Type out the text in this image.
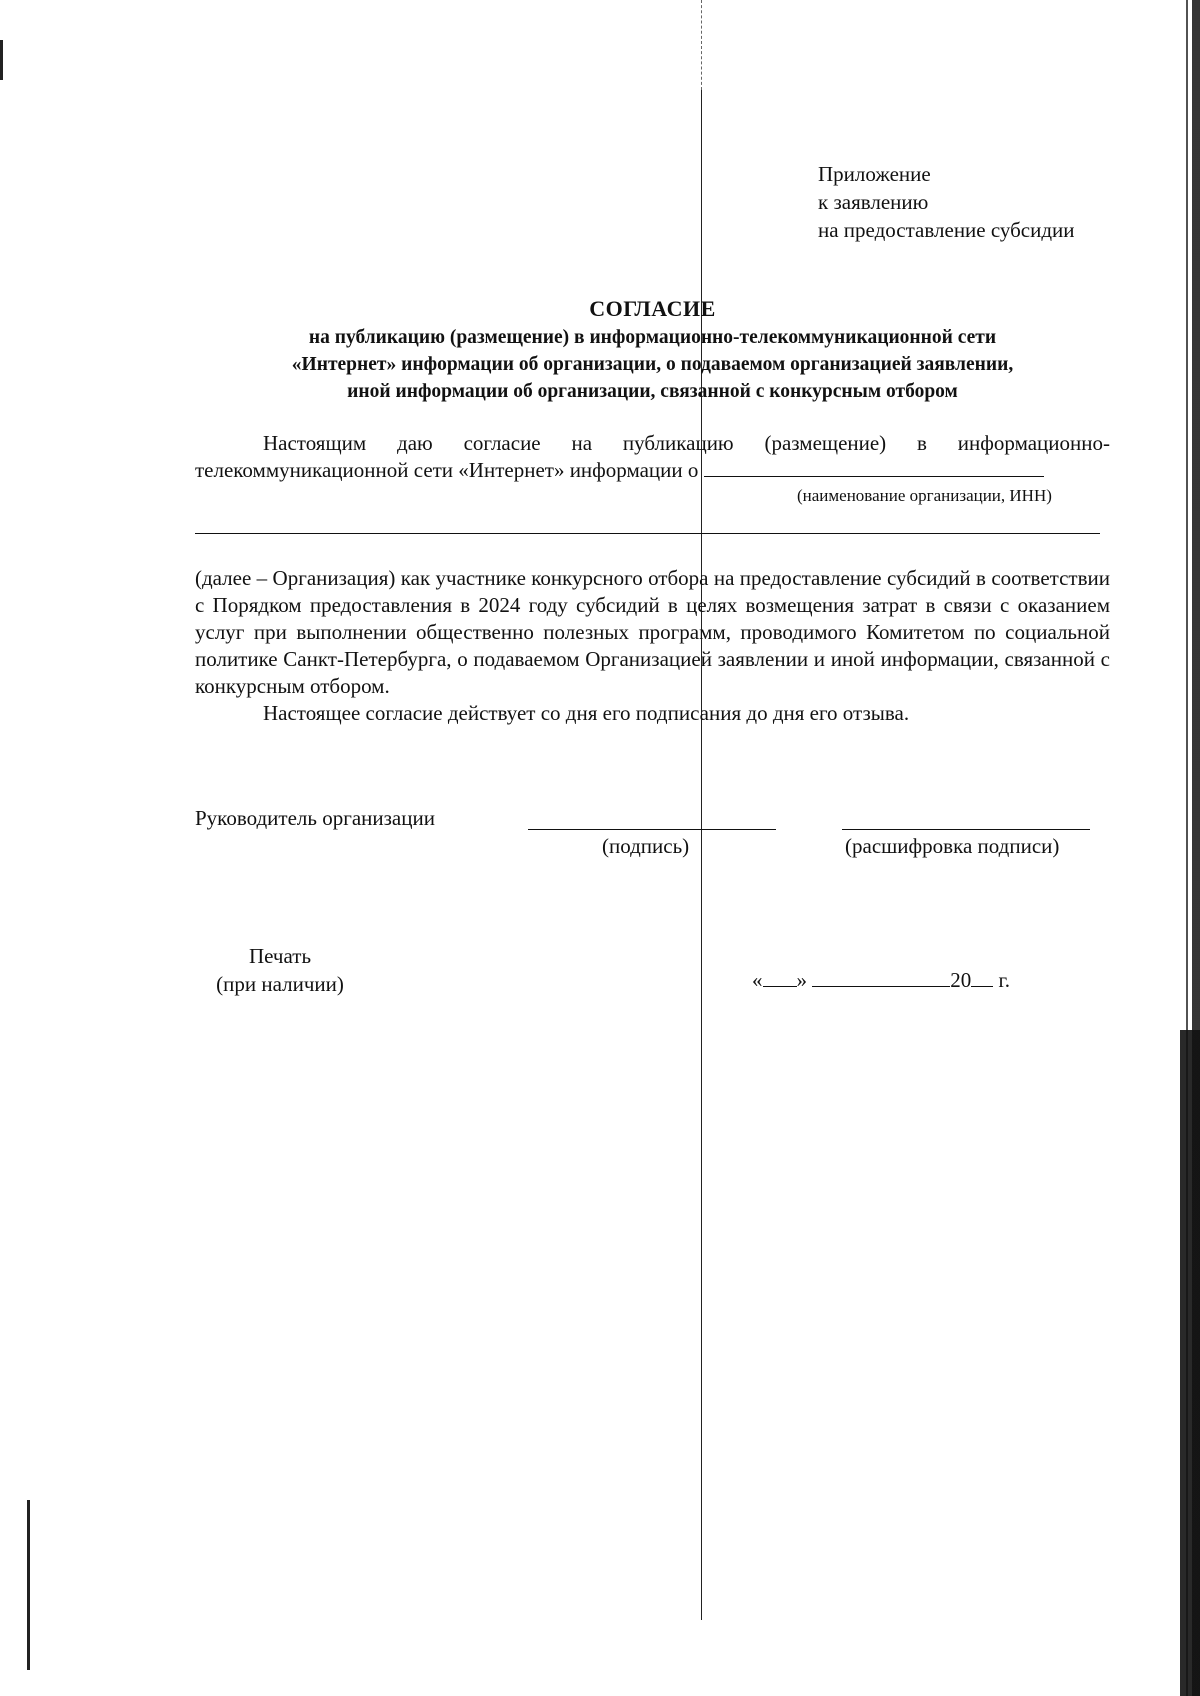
Приложение
к заявлению
на предоставление субсидии
СОГЛАСИЕ
на публикацию (размещение) в информационно-телекоммуникационной сети
«Интернет» информации об организации, о подаваемом организацией заявлении,
иной информации об организации, связанной с конкурсным отбором
Настоящим даю согласие на публикацию (размещение) в информационно-телекоммуникационной сети «Интернет» информации о
(наименование организации, ИНН)
(далее – Организация) как участнике конкурсного отбора на предоставление субсидий в соответствии с Порядком предоставления в 2024 году субсидий в целях возмещения затрат в связи с оказанием услуг при выполнении общественно полезных программ, проводимого Комитетом по социальной политике Санкт-Петербурга, о подаваемом Организацией заявлении и иной информации, связанной с конкурсным отбором.
Настоящее согласие действует со дня его подписания до дня его отзыва.
Руководитель организации
(подпись)	(расшифровка подписи)
Печать
(при наличии)	« »	20 г.
